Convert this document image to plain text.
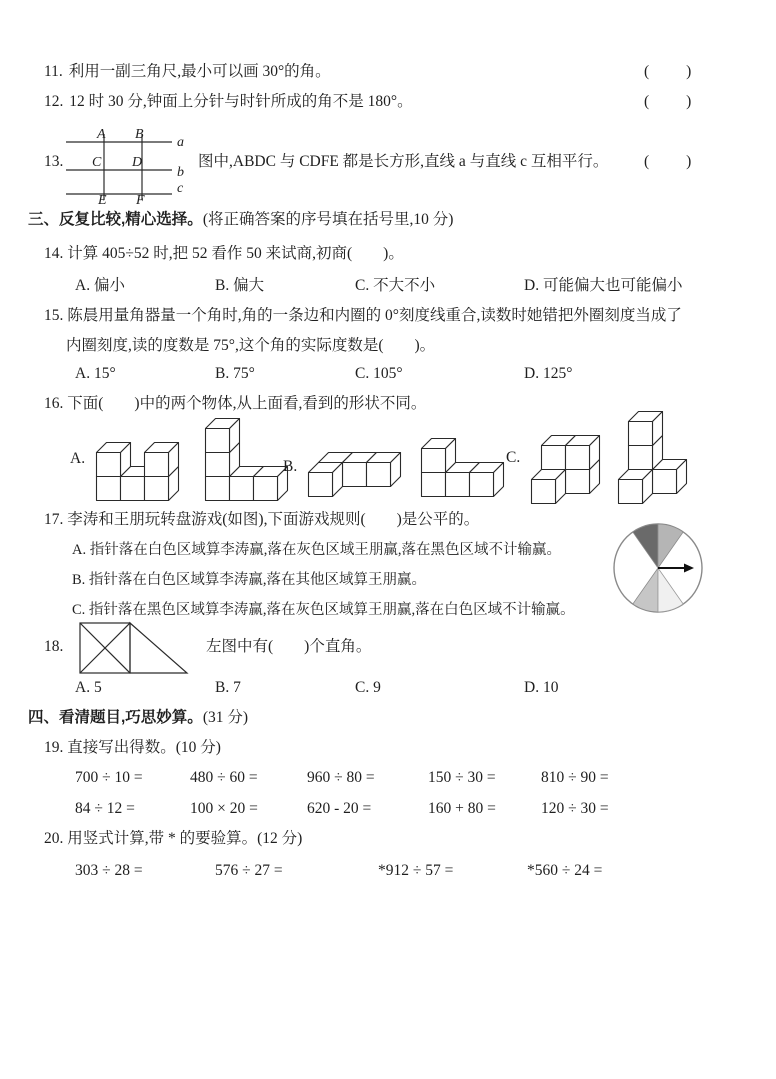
11. 利用一副三角尺,最小可以画 30°的角。	(　　)
12. 12 时 30 分,钟面上分针与时针所成的角不是 180°。	(　　)
13.
A B
C D
E F
a
b
c
图中,ABDC 与 CDFE 都是长方形,直线 a 与直线 c 互相平行。 (　　)
三、反复比较,精心选择。(将正确答案的序号填在括号里,10 分)
14. 计算 405÷52 时,把 52 看作 50 来试商,初商(　　)。
A. 偏小	B. 偏大	C. 不大不小	D. 可能偏大也可能偏小
15. 陈晨用量角器量一个角时,角的一条边和内圈的 0°刻度线重合,读数时她错把外圈刻度当成了
内圈刻度,读的度数是 75°,这个角的实际度数是(　　)。
A. 15°	B. 75°	C. 105°	D. 125°
16. 下面(　　)中的两个物体,从上面看,看到的形状不同。
A.	B.
C.
17. 李涛和王朋玩转盘游戏(如图),下面游戏规则(　　)是公平的。
A. 指针落在白色区域算李涛赢,落在灰色区域王朋赢,落在黑色区域不计输赢。
B. 指针落在白色区域算李涛赢,落在其他区域算王朋赢。
C. 指针落在黑色区域算李涛赢,落在灰色区域算王朋赢,落在白色区域不计输赢。
18.	左图中有(　　)个直角。
A. 5	B. 7	C. 9	D. 10
四、看清题目,巧思妙算。(31 分)
19. 直接写出得数。(10 分)
700 ÷ 10 =	480 ÷ 60 =	960 ÷ 80 =	150 ÷ 30 =	810 ÷ 90 =
84 ÷ 12 =	100 × 20 =	620 - 20 =	160 + 80 =	120 ÷ 30 =
20. 用竖式计算,带 * 的要验算。(12 分)
303 ÷ 28 =	576 ÷ 27 =	*912 ÷ 57 =	*560 ÷ 24 =
